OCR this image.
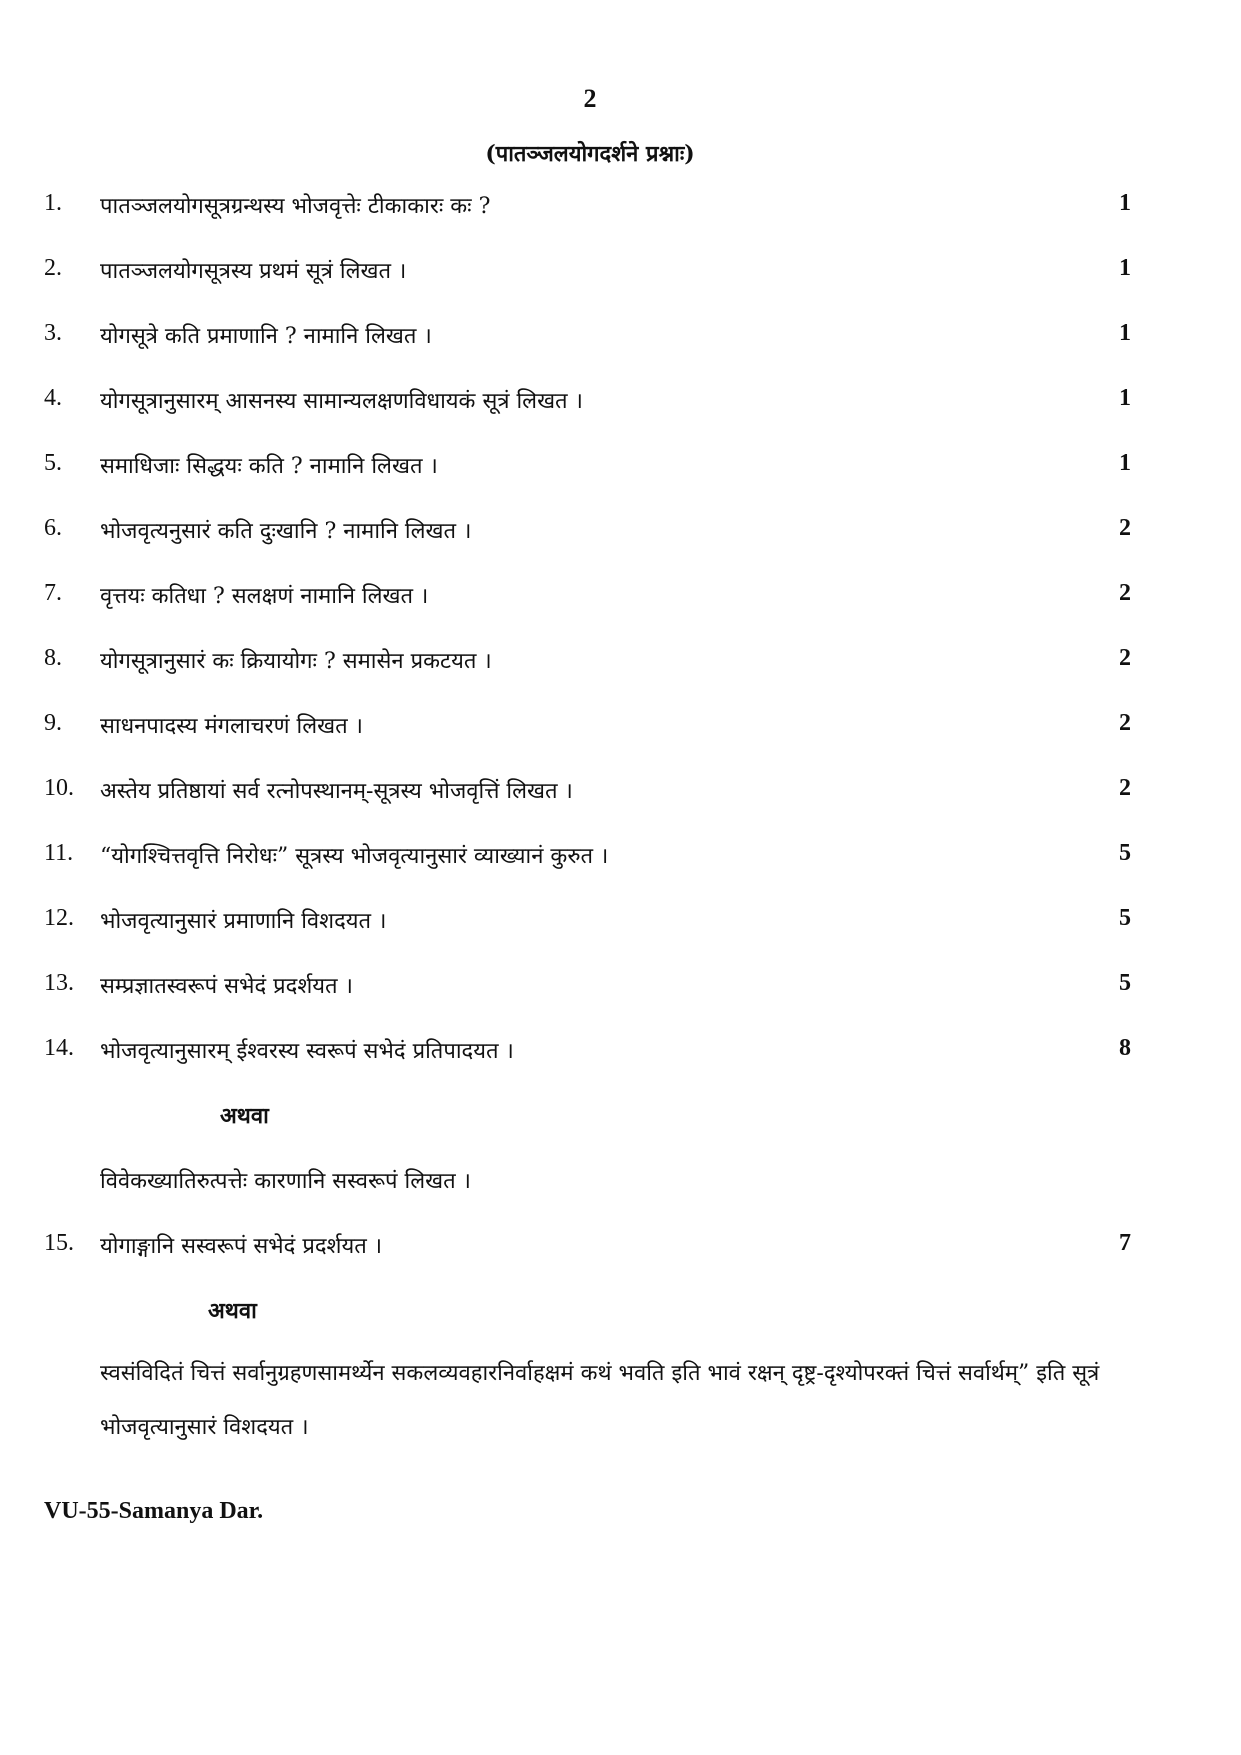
2
(पातञ्जलयोगदर्शने प्रश्नाः)
1. पातञ्जलयोगसूत्रग्रन्थस्य भोजवृत्तेः टीकाकारः कः ?	1
2. पातञ्जलयोगसूत्रस्य प्रथमं सूत्रं लिखत ।	1
3. योगसूत्रे कति प्रमाणानि ? नामानि लिखत ।	1
4. योगसूत्रानुसारम् आसनस्य सामान्यलक्षणविधायकं सूत्रं लिखत ।	1
5. समाधिजाः सिद्धयः कति ? नामानि लिखत ।	1
6. भोजवृत्यनुसारं कति दुःखानि ? नामानि लिखत ।	2
7. वृत्तयः कतिधा ? सलक्षणं नामानि लिखत ।	2
8. योगसूत्रानुसारं कः क्रियायोगः ? समासेन प्रकटयत ।	2
9. साधनपादस्य मंगलाचरणं लिखत ।	2
10. अस्तेय प्रतिष्ठायां सर्व रत्नोपस्थानम्-सूत्रस्य भोजवृत्तिं लिखत ।	2
11. “योगश्चित्तवृत्ति निरोधः” सूत्रस्य भोजवृत्यानुसारं व्याख्यानं कुरुत ।	5
12. भोजवृत्यानुसारं प्रमाणानि विशदयत ।	5
13. सम्प्रज्ञातस्वरूपं सभेदं प्रदर्शयत ।	5
14. भोजवृत्यानुसारम् ईश्वरस्य स्वरूपं सभेदं प्रतिपादयत ।	8
अथवा
विवेकख्यातिरुत्पत्तेः कारणानि सस्वरूपं लिखत ।
15. योगाङ्गानि सस्वरूपं सभेदं प्रदर्शयत ।	7
अथवा
स्वसंविदितं चित्तं सर्वानुग्रहणसामर्थ्येन सकलव्यवहारनिर्वाहक्षमं कथं भवति इति भावं रक्षन् दृष्ट्र-दृश्योपरक्तं चित्तं सर्वार्थम्” इति सूत्रं भोजवृत्यानुसारं विशदयत ।
VU-55-Samanya Dar.
